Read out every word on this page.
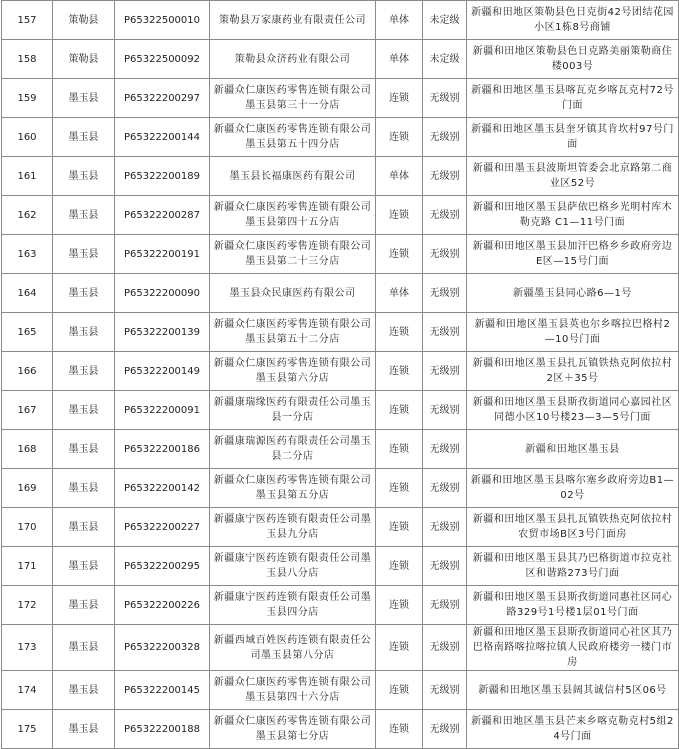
157	策勒县	P65322500010	策勒县万家康药业有限责任公司	单体	未定级	新疆和田地区策勒县色日克街42号团结花园小区1栋8号商铺
158	策勒县	P65322500092	策勒县众济药业有限公司	单体	未定级	新疆和田地区策勒县色日克路美丽策勒商住楼003号
159	墨玉县	P65322200297	新疆众仁康医药零售连锁有限公司墨玉县第三十一分店	连锁	无级别	新疆和田地区墨玉县喀瓦克乡喀瓦克村72号门面
160	墨玉县	P65322200144	新疆众仁康医药零售连锁有限公司墨玉县第五十四分店	连锁	无级别	新疆和田地区墨玉县奎牙镇其肯坎村97号门面
161	墨玉县	P65322200189	墨玉县长福康医药有限公司	单体	无级别	新疆和田墨玉县波斯坦管委会北京路第二商业区52号
162	墨玉县	P65322200287	新疆众仁康医药零售连锁有限公司墨玉县第四十五分店	连锁	无级别	新疆和田地区墨玉县萨依巴格乡光明村库木勒克路 C1—11号门面
163	墨玉县	P65322200191	新疆众仁康医药零售连锁有限公司墨玉县第二十三分店	连锁	无级别	新疆和田地区墨玉县加汗巴格乡乡政府旁边E区—15号门面
164	墨玉县	P65322200090	墨玉县众民康医药有限公司	单体	无级别	新疆墨玉县同心路6—1号
165	墨玉县	P65322200139	新疆众仁康医药零售连锁有限公司墨玉县第五十二分店	连锁	无级别	新疆和田地区墨玉县英也尔乡喀拉巴格村2—10号门面
166	墨玉县	P65322200149	新疆众仁康医药零售连锁有限公司墨玉县第六分店	连锁	无级别	新疆和田地区墨玉县扎瓦镇铁热克阿依拉村2区＋35号
167	墨玉县	P65322200091	新疆康瑞缘医药有限责任公司墨玉县一分店	连锁	无级别	新疆和田地区墨玉县斯孜街道同心嘉园社区同德小区10号楼23—3—5号门面
168	墨玉县	P65322200186	新疆康瑞源医药有限责任公司墨玉县二分店	连锁	无级别	新疆和田地区墨玉县
169	墨玉县	P65322200142	新疆众仁康医药零售连锁有限公司墨玉县第五分店	连锁	无级别	新疆和田地区墨玉县喀尔塞乡政府旁边B1—02号
170	墨玉县	P65322200227	新疆康宁医药连锁有限责任公司墨玉县九分店	连锁	无级别	新疆和田地区墨玉县扎瓦镇铁热克阿依拉村农贸市场B区3号门面房
171	墨玉县	P65322200295	新疆康宁医药连锁有限责任公司墨玉县八分店	连锁	无级别	新疆和田地区墨玉县其乃巴格街道市拉克社区和谐路273号门面
172	墨玉县	P65322200226	新疆康宁医药连锁有限责任公司墨玉县四分店	连锁	无级别	新疆和田地区墨玉县斯孜街道同惠社区同心路329号1号楼1层01号门面
173	墨玉县	P65322200328	新疆西域百姓医药连锁有限责任公司墨玉县第八分店	连锁	无级别	新疆和田地区墨玉县斯孜街道同心社区其乃巴格南路喀拉喀拉镇人民政府楼旁一楼门市房
174	墨玉县	P65322200145	新疆众仁康医药零售连锁有限公司墨玉县第四十六分店	连锁	无级别	新疆和田地区墨玉县阔其诚信村5区06号
175	墨玉县	P65322200188	新疆众仁康医药零售连锁有限公司墨玉县第七分店	连锁	无级别	新疆和田地区墨玉县芒来乡喀克勒克村5组24号门面
